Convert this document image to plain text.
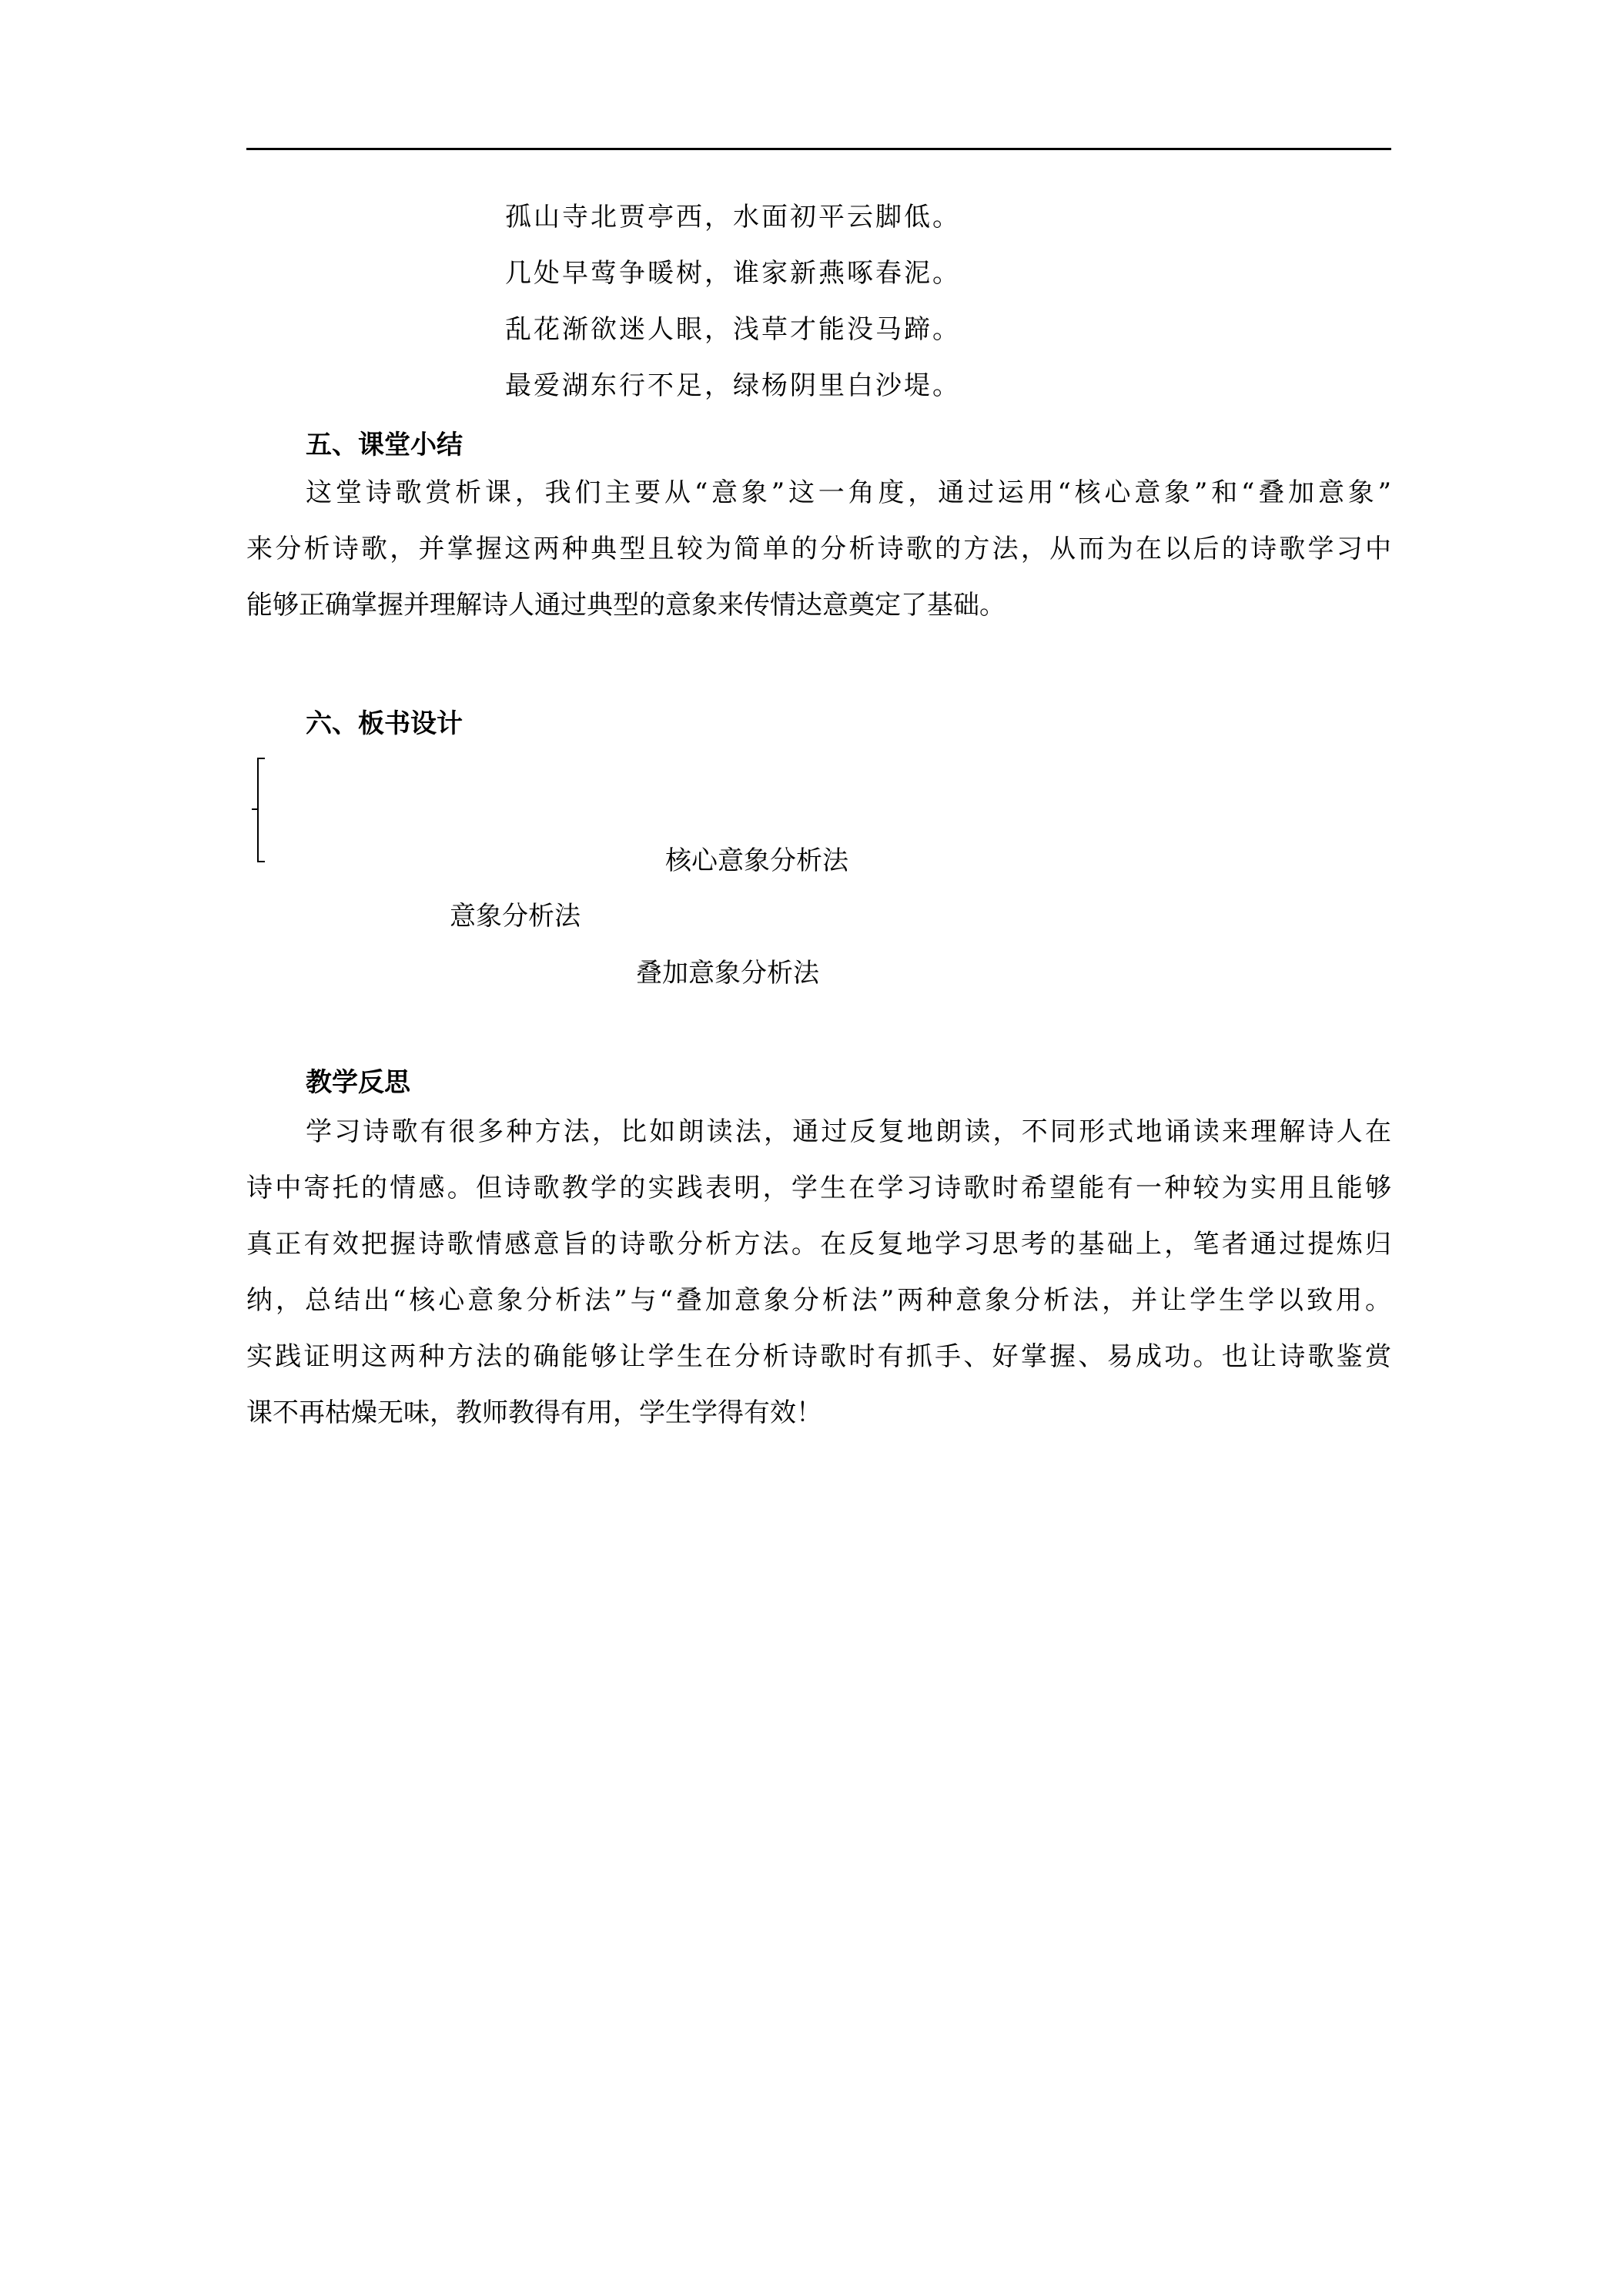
孤山寺北贾亭西，水面初平云脚低。
几处早莺争暖树，谁家新燕啄春泥。
乱花渐欲迷人眼，浅草才能没马蹄。
最爱湖东行不足，绿杨阴里白沙堤。
五、课堂小结
这堂诗歌赏析课，我们主要从“意象”这一角度，通过运用“核心意象”和“叠加意象”
来分析诗歌，并掌握这两种典型且较为简单的分析诗歌的方法，从而为在以后的诗歌学习中
能够正确掌握并理解诗人通过典型的意象来传情达意奠定了基础。
六、板书设计
核心意象分析法
意象分析法
叠加意象分析法
教学反思
学习诗歌有很多种方法，比如朗读法，通过反复地朗读，不同形式地诵读来理解诗人在
诗中寄托的情感。但诗歌教学的实践表明，学生在学习诗歌时希望能有一种较为实用且能够
真正有效把握诗歌情感意旨的诗歌分析方法。在反复地学习思考的基础上，笔者通过提炼归
纳，总结出“核心意象分析法”与“叠加意象分析法”两种意象分析法，并让学生学以致用。
实践证明这两种方法的确能够让学生在分析诗歌时有抓手、好掌握、易成功。也让诗歌鉴赏
课不再枯燥无味，教师教得有用，学生学得有效！
